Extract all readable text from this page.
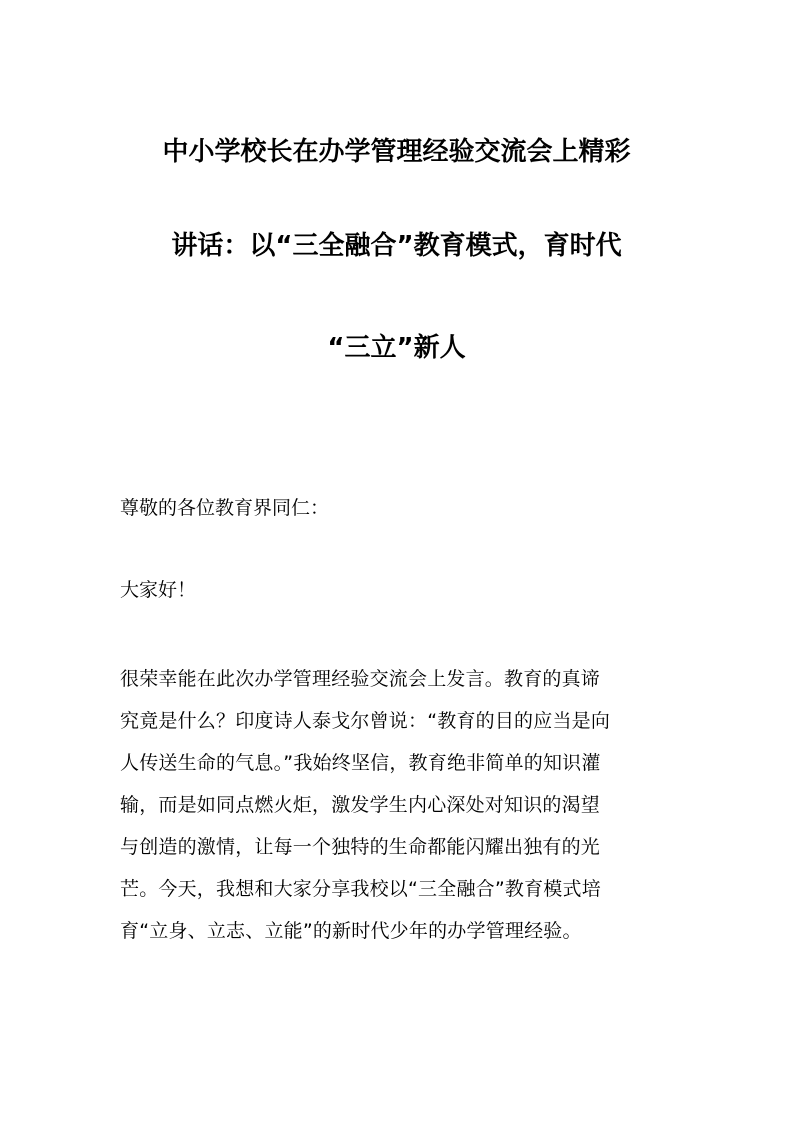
中小学校长在办学管理经验交流会上精彩
讲话：以“三全融合”教育模式，育时代
“三立”新人
尊敬的各位教育界同仁：
大家好！
很荣幸能在此次办学管理经验交流会上发言。教育的真谛
究竟是什么？印度诗人泰戈尔曾说：“教育的目的应当是向
人传送生命的气息。”我始终坚信，教育绝非简单的知识灌
输，而是如同点燃火炬，激发学生内心深处对知识的渴望
与创造的激情，让每一个独特的生命都能闪耀出独有的光
芒。今天，我想和大家分享我校以“三全融合”教育模式培
育“立身、立志、立能”的新时代少年的办学管理经验。
